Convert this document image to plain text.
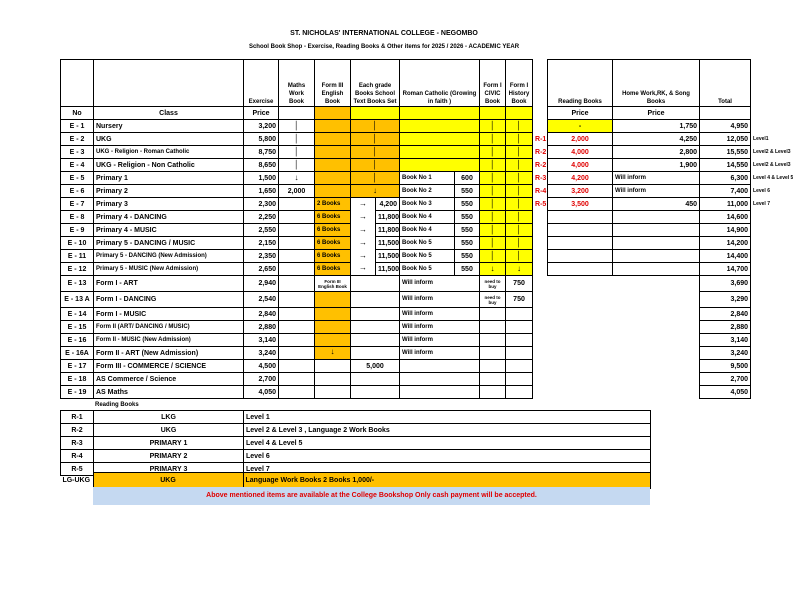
ST. NICHOLAS' INTERNATIONAL COLLEGE - NEGOMBO
School Book Shop - Exercise, Reading Books & Other items for 2025 / 2026 - ACADEMIC YEAR
		Exercise	Maths Work Book	Form III English Book	Each grade Books School Text Books Set		Roman Catholic (Growing in faith )		Form I CIVIC Book	Form I History Book		Reading Books	Home Work,RK, & Song Books	Total	
No	Class	Price										Price	Price		
E - 1	Nursery	3,200	│		│				│	│		-	1,750	4,950	
E - 2	UKG	5,800	│		│				│	│	R-1	2,000	4,250	12,050	Level1
E - 3	UKG - Religion - Roman Catholic	8,750	│		│				│	│	R-2	4,000	2,800	15,550	Level2 & Level3
E - 4	UKG - Religion - Non Catholic	8,650	│		│				│	│	R-2	4,000	1,900	14,550	Level2 & Level3
E - 5	Primary 1	1,500	↓		│		Book No 1	600	│	│	R-3	4,200	Will inform	6,300	Level 4 & Level 5
E - 6	Primary 2	1,650	2,000		↓		Book No 2	550	│	│	R-4	3,200	Will inform	7,400	Level 6
E - 7	Primary 3	2,300		2 Books	→	4,200	Book No 3	550	│	│	R-5	3,500	450	11,000	Level 7
E - 8	Primary 4 - DANCING	2,250		6 Books	→	11,800	Book No 4	550	│	│				14,600	
E - 9	Primary 4 - MUSIC	2,550		6 Books	→	11,800	Book No 4	550	│	│				14,900	
E - 10	Primary 5 - DANCING / MUSIC	2,150		6 Books	→	11,500	Book No 5	550	│	│				14,200	
E - 11	Primary 5 - DANCING (New Admission)	2,350		6 Books	→	11,500	Book No 5	550	│	│				14,400	
E - 12	Primary 5 - MUSIC (New Admission)	2,650		6 Books	→	11,500	Book No 5	550	↓	↓				14,700	
E - 13	Form I - ART	2,940		Form III English Book			Will inform		need to buy	750				3,690	
E - 13 A	Form I - DANCING	2,540					Will inform		need to buy	750				3,290	
E - 14	Form I - MUSIC	2,840					Will inform							2,840	
E - 15	Form II (ART/ DANCING / MUSIC)	2,880					Will inform							2,880	
E - 16	Form II - MUSIC (New Admission)	3,140					Will inform							3,140	
E - 16A	Form II - ART (New Admission)	3,240		↓			Will inform							3,240	
E - 17	Form III - COMMERCE / SCIENCE	4,500			5,000									9,500	
E - 18	AS Commerce / Science	2,700												2,700	
E - 19	AS Maths	4,050												4,050	
Reading Books
R-1	LKG	Level 1
R-2	UKG	Level 2 & Level 3 , Language 2 Work Books
R-3	PRIMARY 1	Level 4 & Level 5
R-4	PRIMARY 2	Level 6
R-5	PRIMARY 3	Level 7
LG-UKG	UKG	Language Work Books 2 Books 1,000/-
Above mentioned items are available at the College Bookshop Only cash payment will be accepted.
